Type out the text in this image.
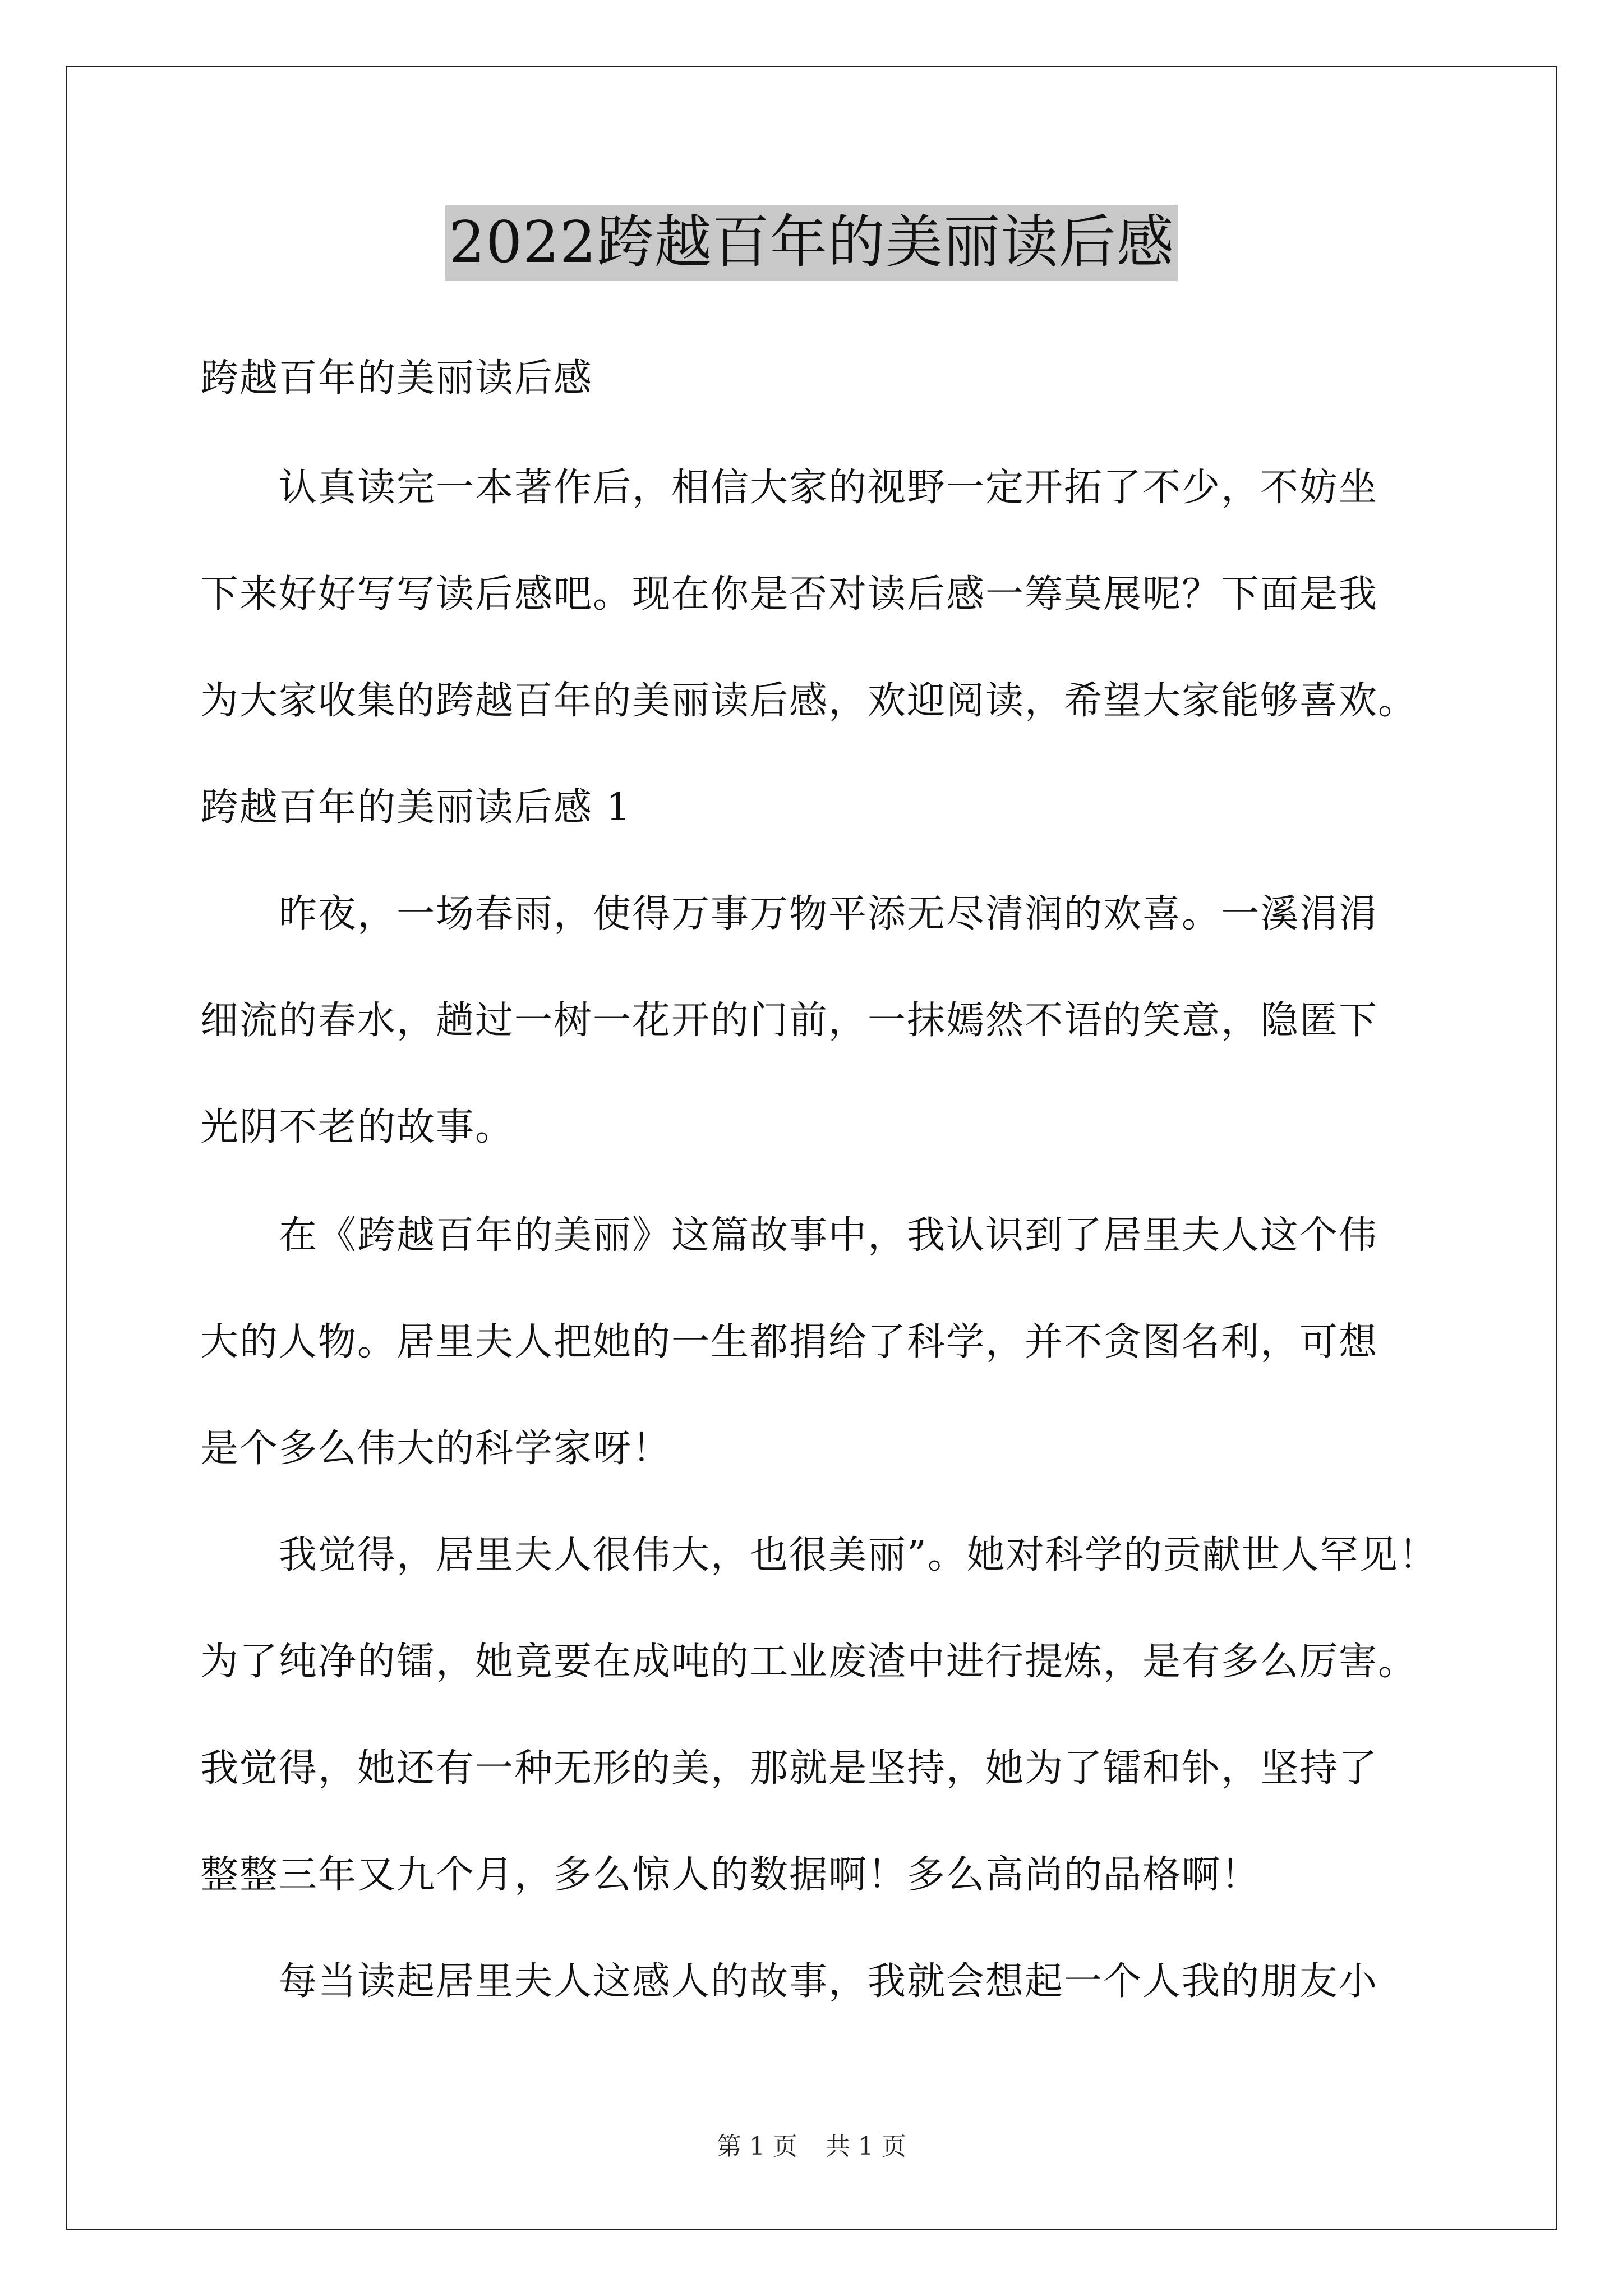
2022跨越百年的美丽读后感
跨越百年的美丽读后感
认真读完一本著作后，相信大家的视野一定开拓了不少，不妨坐
下来好好写写读后感吧。现在你是否对读后感一筹莫展呢？下面是我
为大家收集的跨越百年的美丽读后感，欢迎阅读，希望大家能够喜欢。
跨越百年的美丽读后感 1
昨夜，一场春雨，使得万事万物平添无尽清润的欢喜。一溪涓涓
细流的春水，趟过一树一花开的门前，一抹嫣然不语的笑意，隐匿下
光阴不老的故事。
在《跨越百年的美丽》这篇故事中，我认识到了居里夫人这个伟
大的人物。居里夫人把她的一生都捐给了科学，并不贪图名利，可想
是个多么伟大的科学家呀！
我觉得，居里夫人很伟大，也很美丽”。她对科学的贡献世人罕见！
为了纯净的镭，她竟要在成吨的工业废渣中进行提炼，是有多么厉害。
我觉得，她还有一种无形的美，那就是坚持，她为了镭和钋，坚持了
整整三年又九个月，多么惊人的数据啊！多么高尚的品格啊！
每当读起居里夫人这感人的故事，我就会想起一个人我的朋友小
第 1 页 共 1 页
